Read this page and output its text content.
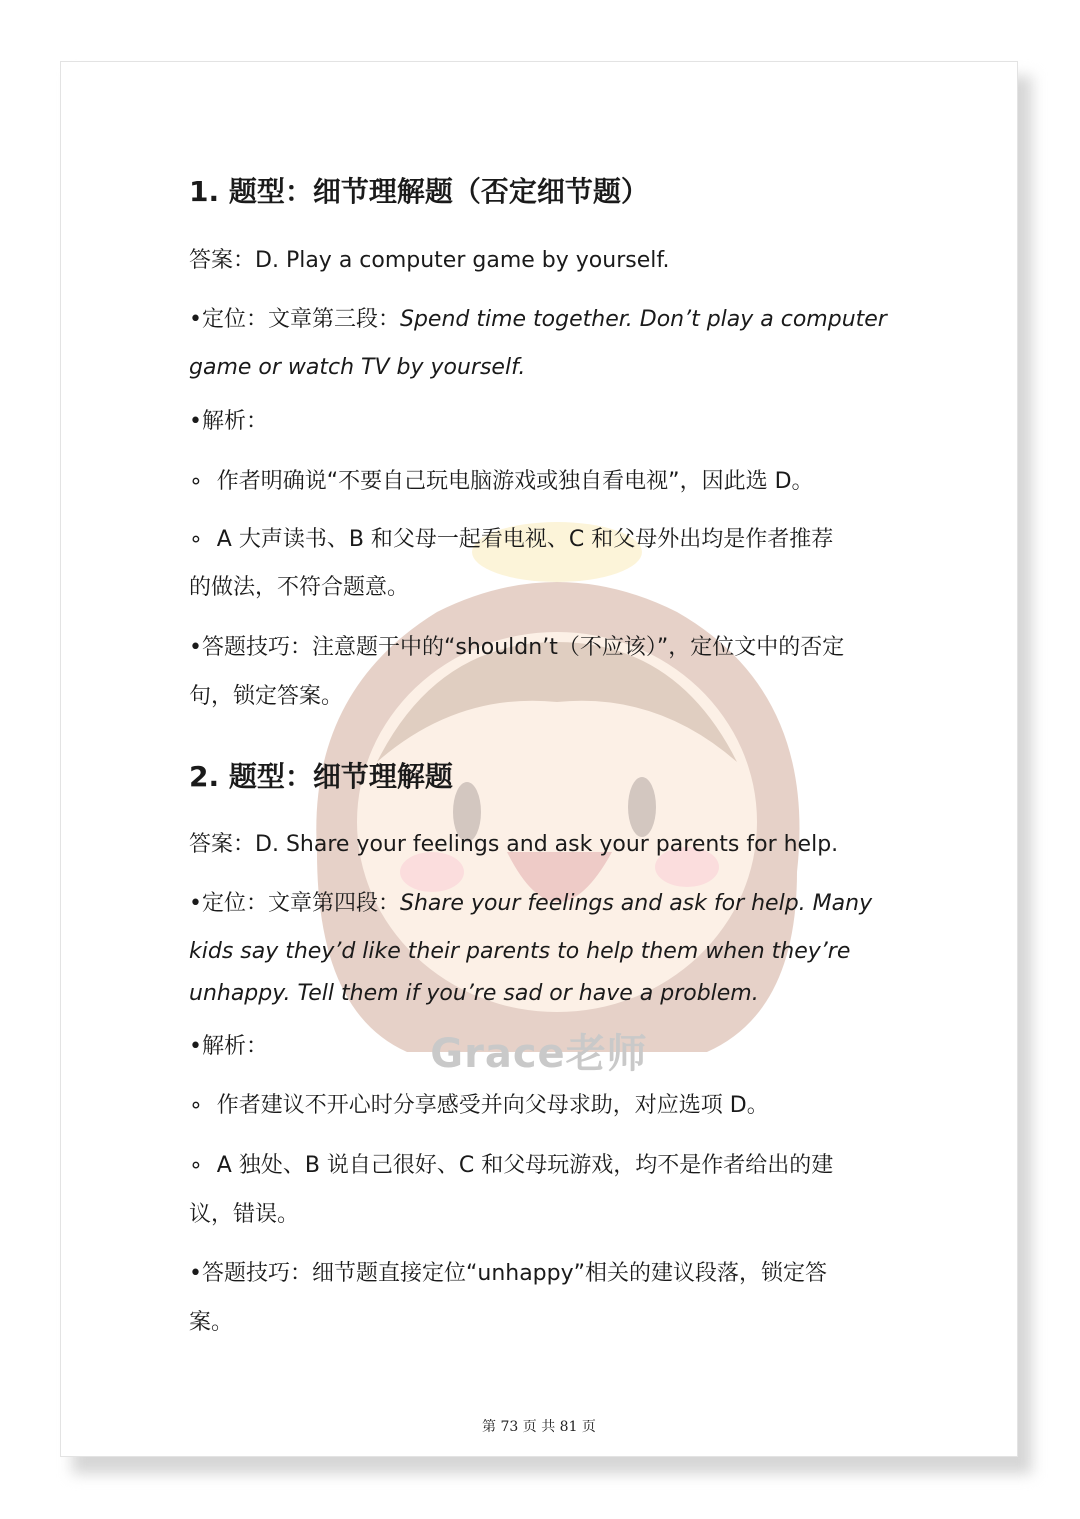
Grace老师
1. 题型：细节理解题（否定细节题）
答案：D. Play a computer game by yourself.
•定位：文章第三段：Spend time together. Don’t play a computer
game or watch TV by yourself.
•解析：
∘ 作者明确说“不要自己玩电脑游戏或独自看电视”，因此选 D。
∘ A 大声读书、B 和父母一起看电视、C 和父母外出均是作者推荐
的做法，不符合题意。
•答题技巧：注意题干中的“shouldn’t（不应该）”，定位文中的否定
句，锁定答案。
2. 题型：细节理解题
答案：D. Share your feelings and ask your parents for help.
•定位：文章第四段：Share your feelings and ask for help. Many
kids say they’d like their parents to help them when they’re
unhappy. Tell them if you’re sad or have a problem.
•解析：
∘ 作者建议不开心时分享感受并向父母求助，对应选项 D。
∘ A 独处、B 说自己很好、C 和父母玩游戏，均不是作者给出的建
议，错误。
•答题技巧：细节题直接定位“unhappy”相关的建议段落，锁定答
案。
第 73 页 共 81 页
